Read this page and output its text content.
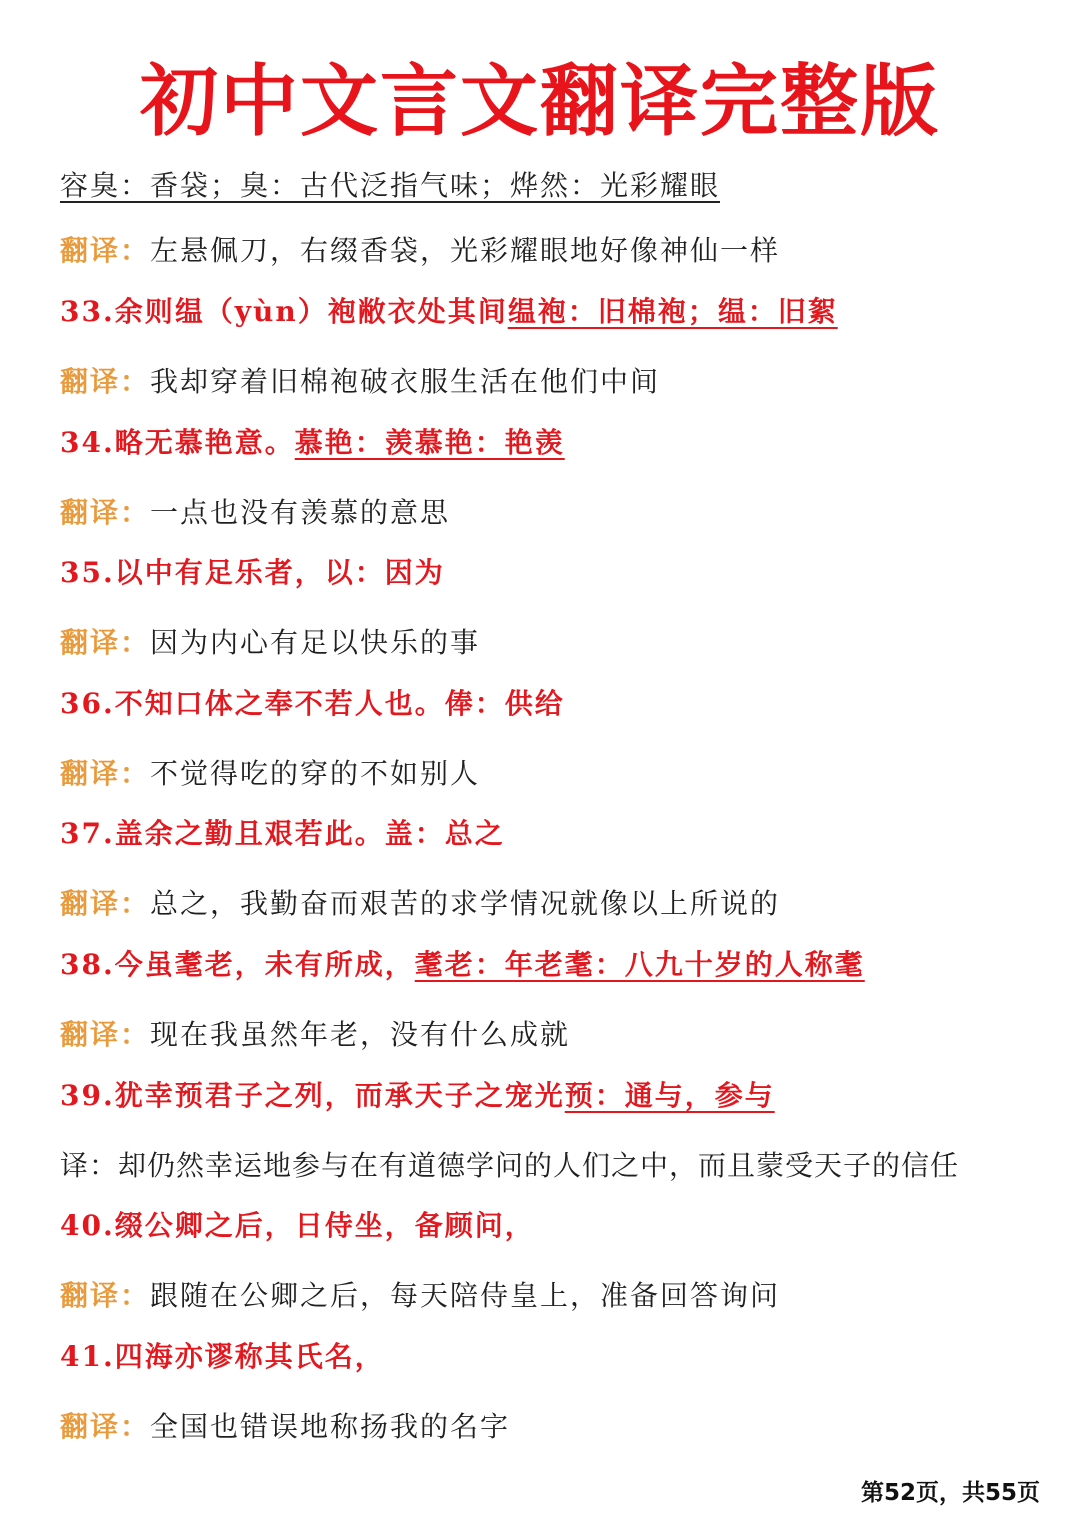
初中文言文翻译完整版
容臭：香袋；臭：古代泛指气味；烨然：光彩耀眼
翻译：左悬佩刀，右缀香袋，光彩耀眼地好像神仙一样
33.余则缊（yùn）袍敝衣处其间缊袍：旧棉袍；缊：旧絮
翻译：我却穿着旧棉袍破衣服生活在他们中间
34.略无慕艳意。慕艳：羡慕艳：艳羡
翻译：一点也没有羡慕的意思
35.以中有足乐者，以：因为
翻译：因为内心有足以快乐的事
36.不知口体之奉不若人也。俸：供给
翻译：不觉得吃的穿的不如别人
37.盖余之勤且艰若此。盖：总之
翻译：总之，我勤奋而艰苦的求学情况就像以上所说的
38.今虽耄老，未有所成，耄老：年老耄：八九十岁的人称耄
翻译：现在我虽然年老，没有什么成就
39.犹幸预君子之列，而承天子之宠光预：通与，参与
译：却仍然幸运地参与在有道德学问的人们之中，而且蒙受天子的信任
40.缀公卿之后，日侍坐，备顾问，
翻译：跟随在公卿之后，每天陪侍皇上，准备回答询问
41.四海亦谬称其氏名，
翻译：全国也错误地称扬我的名字
第52页，共55页
